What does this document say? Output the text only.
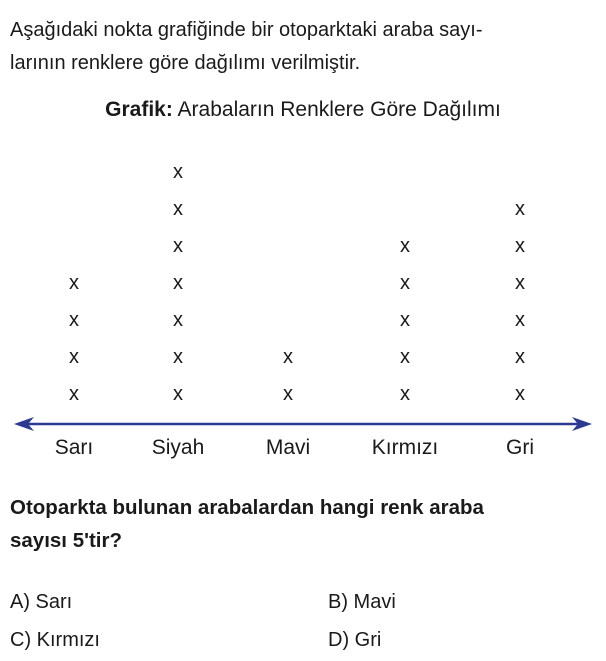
Aşağıdaki nokta grafiğinde bir otoparktaki araba sayı-
larının renklere göre dağılımı verilmiştir.

Grafik: Arabaların Renklere Göre Dağılımı
x
x
x
x
x
x
x
x
x
x
x
x
x
x
x
x
x
x
x
x
x
x
x
x
Sarı	Siyah	Mavi	Kırmızı	Gri

Otoparkta bulunan arabalardan hangi renk araba
sayısı 5'tir?

A) Sarı	B) Mavi
C) Kırmızı	D) Gri
